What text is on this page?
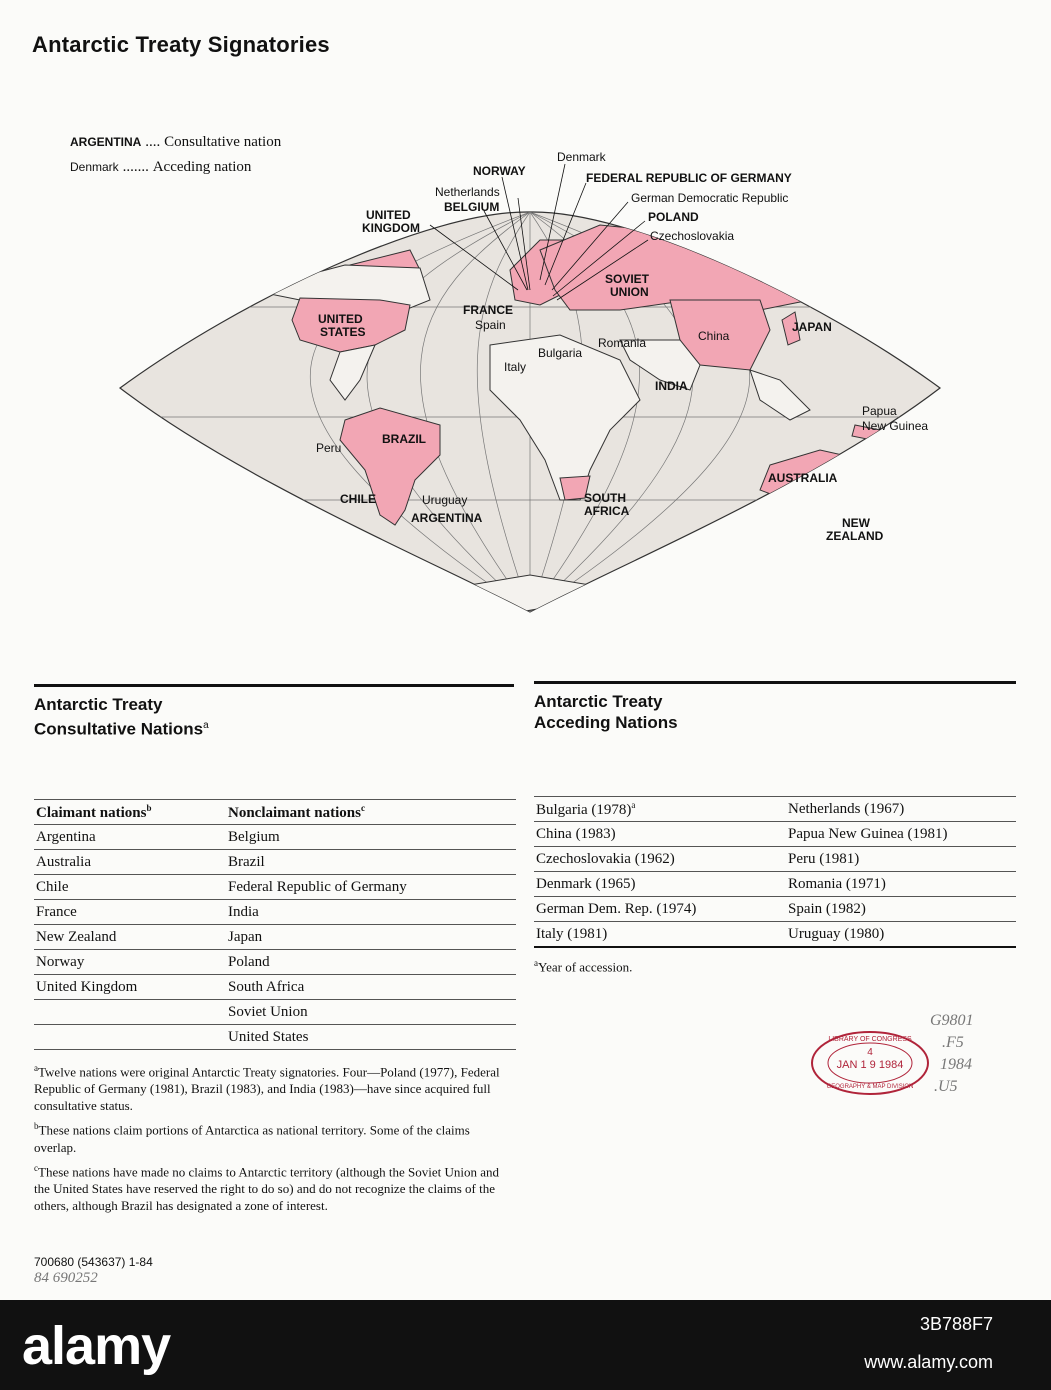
Antarctic Treaty Signatories
ARGENTINA .... Consultative nation
Denmark ....... Acceding nation	NORWAY
Denmark
FEDERAL REPUBLIC OF GERMANY
Netherlands
BELGIUM
German Democratic Republic
POLAND
Czechoslovakia
UNITED
KINGDOM
SOVIET
UNION
FRANCE
Spain
UNITED
STATES	JAPAN
China
Romania
Bulgaria
Italy
INDIA
Papua
New Guinea
Peru
BRAZIL
AUSTRALIA
CHILE	Uruguay
ARGENTINA
SOUTH
AFRICA
NEW
ZEALAND
Antarctic Treaty
Consultative Nations$^a$
Antarctic Treaty
Acceding Nations
Claimant nations$^b$	Nonclaimant nations$^c$
Argentina	Belgium
Australia	Brazil
Chile	Federal Republic of Germany
France	India
New Zealand	Japan
Norway	Poland
United Kingdom	South Africa
	Soviet Union
	United States
Bulgaria $(1978)^a$	Netherlands (1967)
China (1983)	Papua New Guinea (1981)
Czechoslovakia (1962)	Peru (1981)
Denmark (1965)	Romania (1971)
German Dem. Rep. (1974)	Spain (1982)
Italy (1981)	Uruguay (1980)
$^a$Year of accession.

$^a$Twelve nations were original Antarctic Treaty signatories. Four—Poland (1977), Federal Republic of Germany (1981), Brazil (1983), and India (1983)—have since acquired full consultative status.

$^b$These nations claim portions of Antarctica as national territory. Some of the claims overlap.

$^c$These nations have made no claims to Antarctic territory (although the Soviet Union and the United States have reserved the right to do so) and do not recognize the claims of the others, although Brazil has designated a zone of interest.

700680 (543637) 1-84
84 690252
G9801
.F5
1984
.U5
LIBRARY OF CONGRESS
4
JAN 1 9 1984
GEOGRAPHY & MAP DIVISION
alamy	3B788F7
www.alamy.com
